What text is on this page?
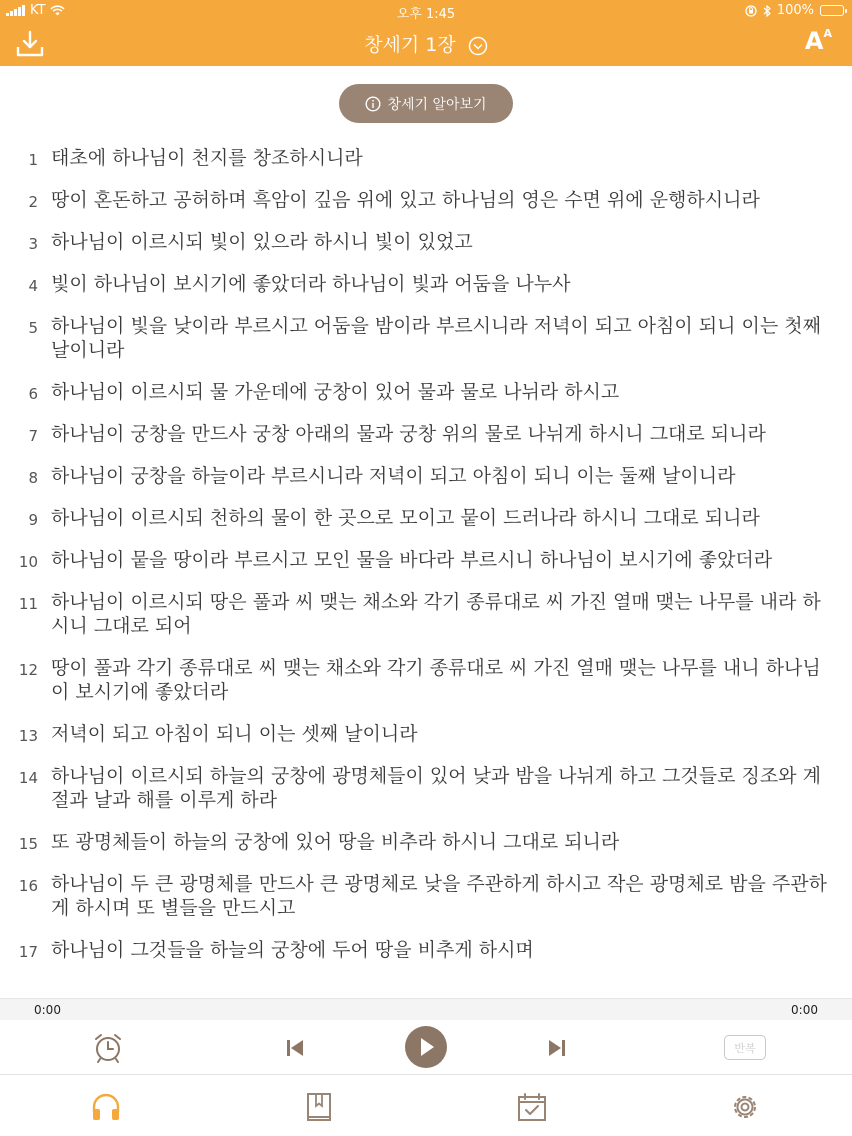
KT	오후 1:45	100%
창세기 1장	$A^A$
창세기 알아보기
1 태초에 하나님이 천지를 창조하시니라
2 땅이 혼돈하고 공허하며 흑암이 깊음 위에 있고 하나님의 영은 수면 위에 운행하시니라
3 하나님이 이르시되 빛이 있으라 하시니 빛이 있었고
4 빛이 하나님이 보시기에 좋았더라 하나님이 빛과 어둠을 나누사
5 하나님이 빛을 낮이라 부르시고 어둠을 밤이라 부르시니라 저녁이 되고 아침이 되니 이는 첫째 날이니라
6 하나님이 이르시되 물 가운데에 궁창이 있어 물과 물로 나뉘라 하시고
7 하나님이 궁창을 만드사 궁창 아래의 물과 궁창 위의 물로 나뉘게 하시니 그대로 되니라
8 하나님이 궁창을 하늘이라 부르시니라 저녁이 되고 아침이 되니 이는 둘째 날이니라
9 하나님이 이르시되 천하의 물이 한 곳으로 모이고 뭍이 드러나라 하시니 그대로 되니라
10 하나님이 뭍을 땅이라 부르시고 모인 물을 바다라 부르시니 하나님이 보시기에 좋았더라
11 하나님이 이르시되 땅은 풀과 씨 맺는 채소와 각기 종류대로 씨 가진 열매 맺는 나무를 내라 하시니 그대로 되어
12 땅이 풀과 각기 종류대로 씨 맺는 채소와 각기 종류대로 씨 가진 열매 맺는 나무를 내니 하나님이 보시기에 좋았더라
13 저녁이 되고 아침이 되니 이는 셋째 날이니라
14 하나님이 이르시되 하늘의 궁창에 광명체들이 있어 낮과 밤을 나뉘게 하고 그것들로 징조와 계절과 날과 해를 이루게 하라
15 또 광명체들이 하늘의 궁창에 있어 땅을 비추라 하시니 그대로 되니라
16 하나님이 두 큰 광명체를 만드사 큰 광명체로 낮을 주관하게 하시고 작은 광명체로 밤을 주관하게 하시며 또 별들을 만드시고
17 하나님이 그것들을 하늘의 궁창에 두어 땅을 비추게 하시며
0:00	0:00
반복
